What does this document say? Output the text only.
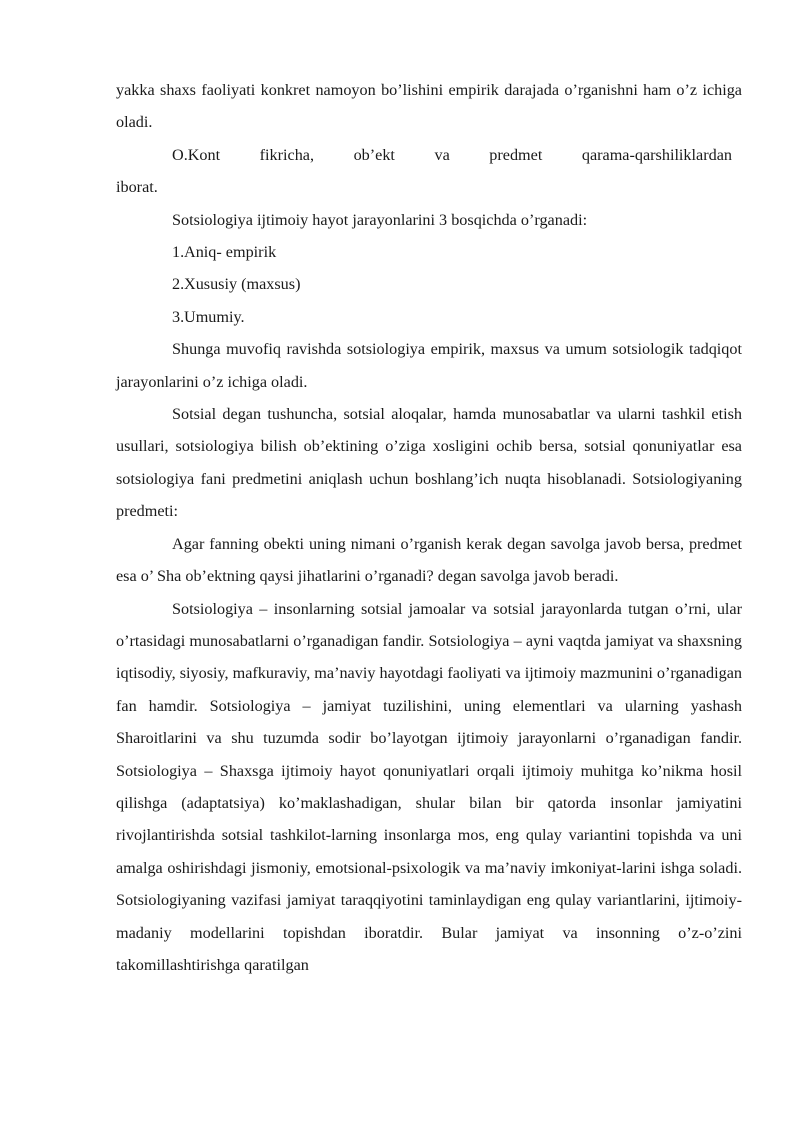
yakka shaxs faoliyati konkret namoyon bo’lishini empirik darajada o’rganishni ham o’z ichiga oladi.

O.Kont fikricha, ob’ekt va predmet qarama-qarshiliklardan

iborat.

Sotsiologiya ijtimoiy hayot jarayonlarini 3 bosqichda o’rganadi:

1.Aniq- empirik
2.Xususiy (maxsus)
3.Umumiy.

Shunga muvofiq ravishda sotsiologiya empirik, maxsus va umum sotsiologik tadqiqot jarayonlarini o’z ichiga oladi.

Sotsial degan tushuncha, sotsial aloqalar, hamda munosabatlar va ularni tashkil etish usullari, sotsiologiya bilish ob’ektining o’ziga xosligini ochib bersa, sotsial qonuniyatlar esa sotsiologiya fani predmetini aniqlash uchun boshlang’ich nuqta hisoblanadi. Sotsiologiyaning predmeti:

Agar fanning obekti uning nimani o’rganish kerak degan savolga javob bersa, predmet esa o’ Sha ob’ektning qaysi jihatlarini o’rganadi? degan savolga javob beradi.

Sotsiologiya – insonlarning sotsial jamoalar va sotsial jarayonlarda tutgan o’rni, ular o’rtasidagi munosabatlarni o’rganadigan fandir. Sotsiologiya – ayni vaqtda jamiyat va shaxsning iqtisodiy, siyosiy, mafkuraviy, ma’naviy hayotdagi faoliyati va ijtimoiy mazmunini o’rganadigan fan hamdir. Sotsiologiya – jamiyat tuzilishini, uning elementlari va ularning yashash Sharoitlarini va shu tuzumda sodir bo’layotgan ijtimoiy jarayonlarni o’rganadigan fandir. Sotsiologiya – Shaxsga ijtimoiy hayot qonuniyatlari orqali ijtimoiy muhitga ko’nikma hosil qilishga (adaptatsiya) ko’maklashadigan, shular bilan bir qatorda insonlar jamiyatini rivojlantirishda sotsial tashkilot-larning insonlarga mos, eng qulay variantini topishda va uni amalga oshirishdagi jismoniy, emotsional-psixologik va ma’naviy imkoniyat-larini ishga soladi. Sotsiologiyaning vazifasi jamiyat taraqqiyotini taminlaydigan eng qulay variantlarini, ijtimoiy-madaniy modellarini topishdan iboratdir. Bular jamiyat va insonning o’z-o’zini takomillashtirishga qaratilgan
